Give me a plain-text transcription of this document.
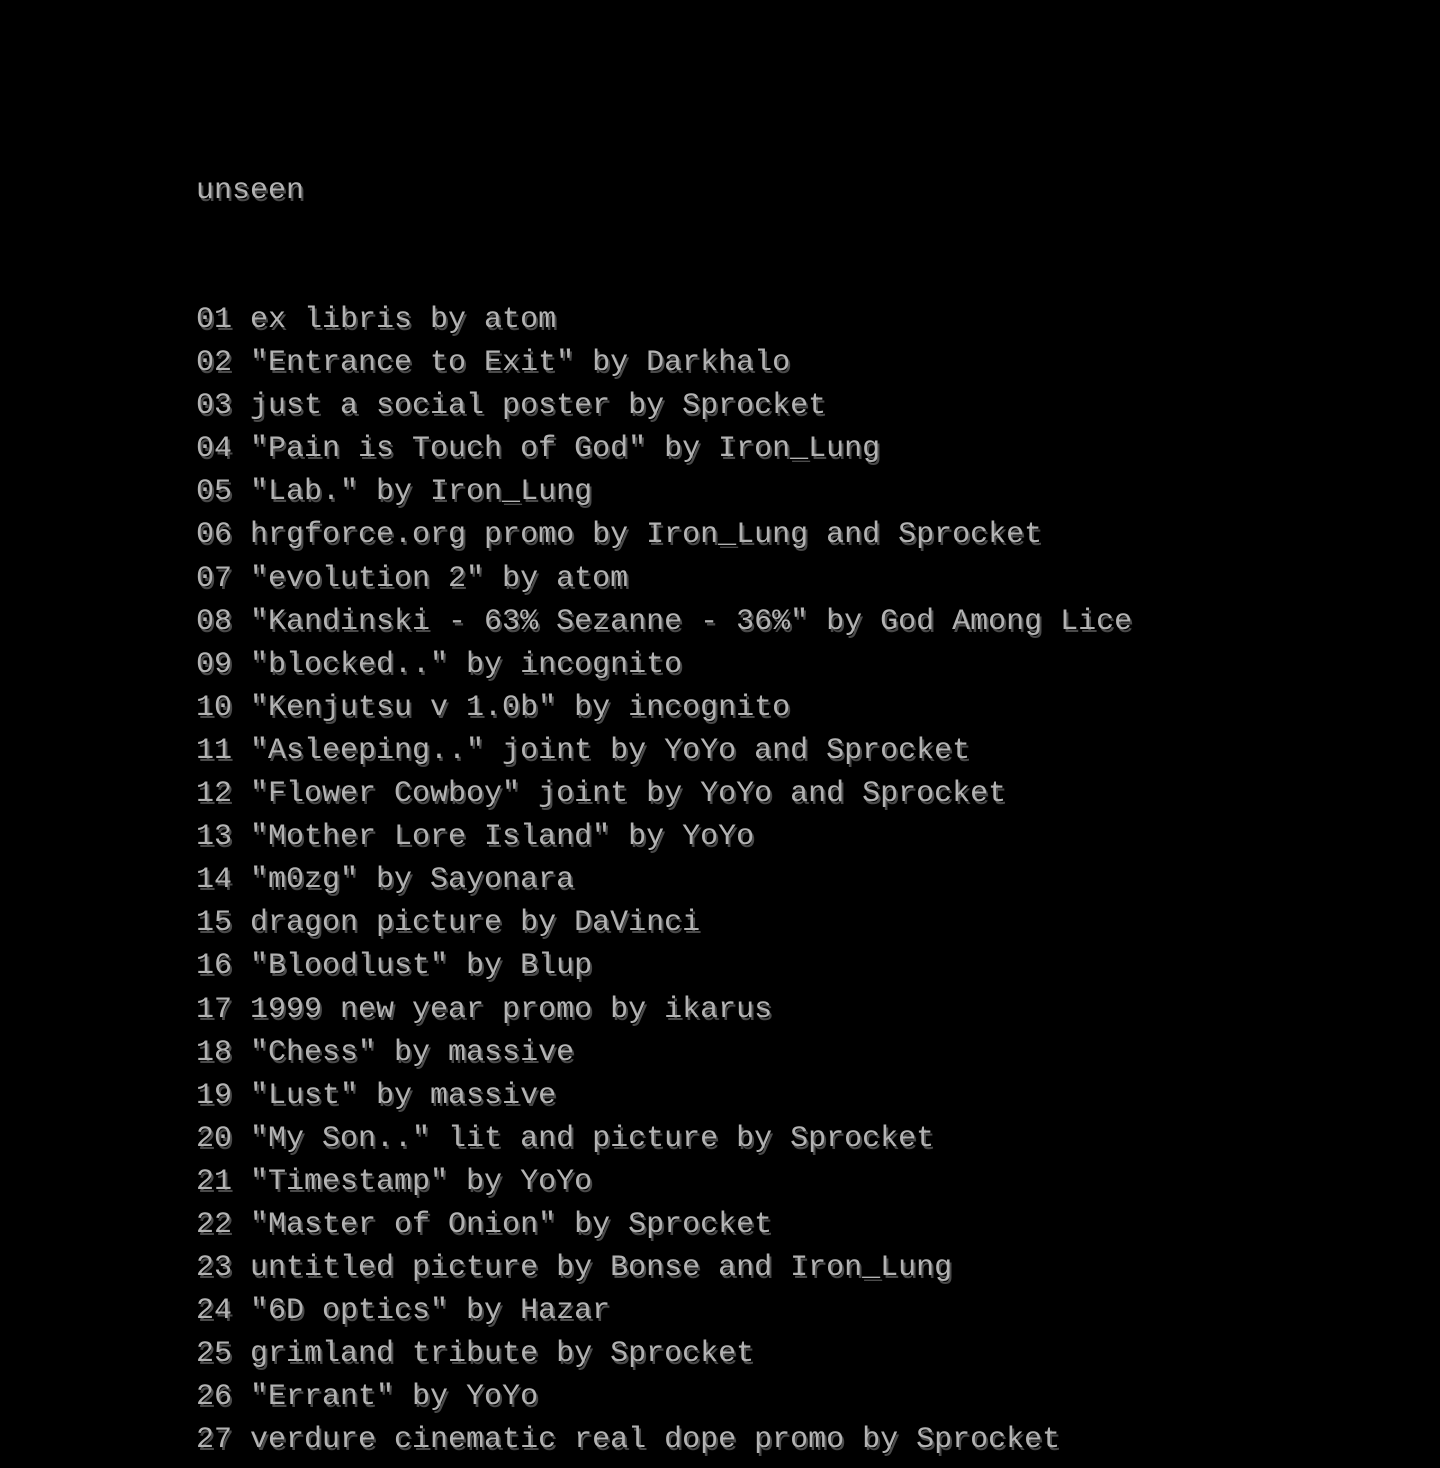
unseen
01 ex libris by atom
02 "Entrance to Exit" by Darkhalo
03 just a social poster by Sprocket
04 "Pain is Touch of God" by Iron_Lung
05 "Lab." by Iron_Lung
06 hrgforce.org promo by Iron_Lung and Sprocket
07 "evolution 2" by atom
08 "Kandinski - 63% Sezanne - 36%" by God Among Lice
09 "blocked.." by incognito
10 "Kenjutsu v 1.0b" by incognito
11 "Asleeping.." joint by YoYo and Sprocket
12 "Flower Cowboy" joint by YoYo and Sprocket
13 "Mother Lore Island" by YoYo
14 "m0zg" by Sayonara
15 dragon picture by DaVinci
16 "Bloodlust" by Blup
17 1999 new year promo by ikarus
18 "Chess" by massive
19 "Lust" by massive
20 "My Son.." lit and picture by Sprocket
21 "Timestamp" by YoYo
22 "Master of Onion" by Sprocket
23 untitled picture by Bonse and Iron_Lung
24 "6D optics" by Hazar
25 grimland tribute by Sprocket
26 "Errant" by YoYo
27 verdure cinematic real dope promo by Sprocket
